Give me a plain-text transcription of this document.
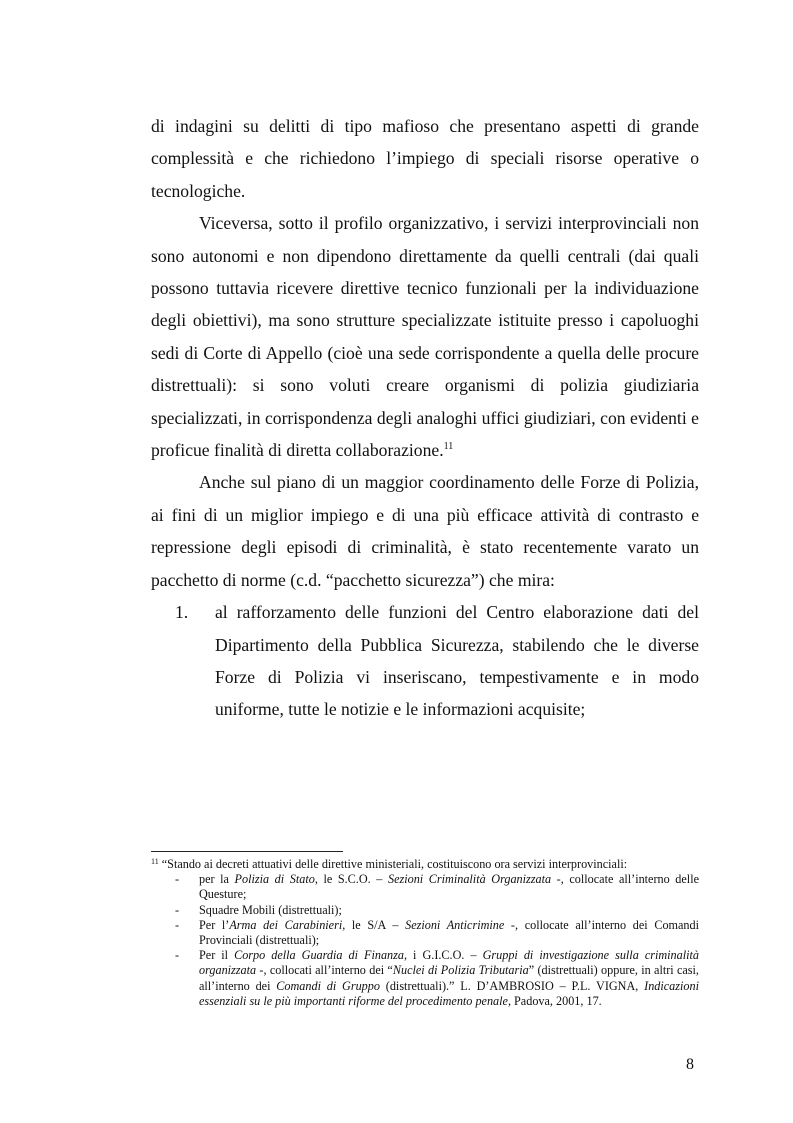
di indagini su delitti di tipo mafioso che presentano aspetti di grande complessità e che richiedono l’impiego di speciali risorse operative o tecnologiche.

Viceversa, sotto il profilo organizzativo, i servizi interprovinciali non sono autonomi e non dipendono direttamente da quelli centrali (dai quali possono tuttavia ricevere direttive tecnico funzionali per la individuazione degli obiettivi), ma sono strutture specializzate istituite presso i capoluoghi sedi di Corte di Appello (cioè una sede corrispondente a quella delle procure distrettuali): si sono voluti creare organismi di polizia giudiziaria specializzati, in corrispondenza degli analoghi uffici giudiziari, con evidenti e proficue finalità di diretta collaborazione.$^{11}$

Anche sul piano di un maggior coordinamento delle Forze di Polizia, ai fini di un miglior impiego e di una più efficace attività di contrasto e repressione degli episodi di criminalità, è stato recentemente varato un pacchetto di norme (c.d. “pacchetto sicurezza”) che mira:

1. al rafforzamento delle funzioni del Centro elaborazione dati del Dipartimento della Pubblica Sicurezza, stabilendo che le diverse Forze di Polizia vi inseriscano, tempestivamente e in modo uniforme, tutte le notizie e le informazioni acquisite;

$^{11}$ “Stando ai decreti attuativi delle direttive ministeriali, costituiscono ora servizi interprovinciali:

- per la Polizia di Stato, le S.C.O. – Sezioni Criminalità Organizzata -, collocate all’interno delle Questure;
- Squadre Mobili (distrettuali);
- Per l’Arma dei Carabinieri, le S/A – Sezioni Anticrimine -, collocate all’interno dei Comandi Provinciali (distrettuali);
- Per il Corpo della Guardia di Finanza, i G.I.C.O. – Gruppi di investigazione sulla criminalità organizzata -, collocati all’interno dei “Nuclei di Polizia Tributaria” (distrettuali) oppure, in altri casi, all’interno dei Comandi di Gruppo (distrettuali).” L. D’AMBROSIO – P.L. VIGNA, Indicazioni essenziali su le più importanti riforme del procedimento penale, Padova, 2001, 17.
8
